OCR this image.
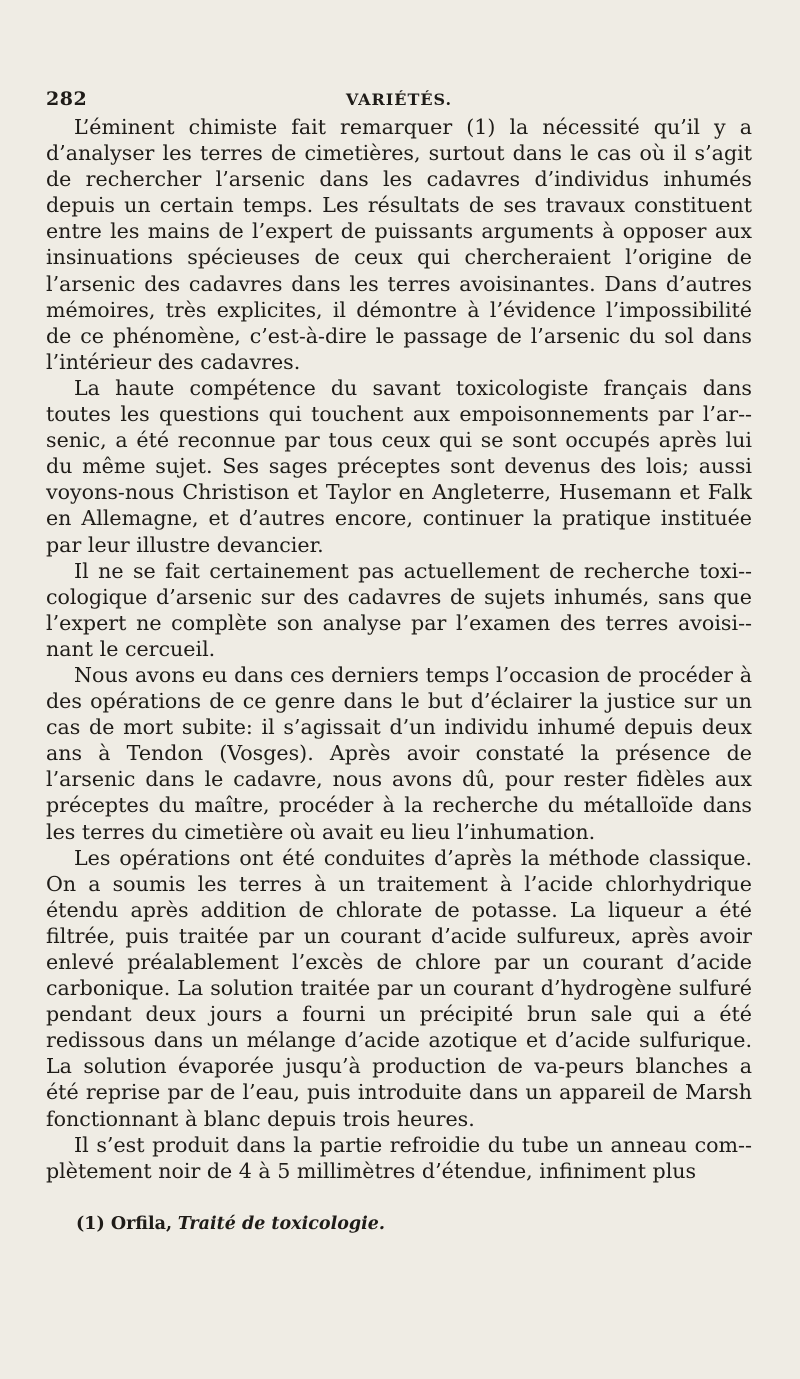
282	VARIÉTÉS.

L’éminent chimiste fait remarquer (1) la nécessité qu’il y a d’analyser les terres de cimetières, surtout dans le cas où il s’agit de rechercher l’arsenic dans les cadavres d’individus inhumés depuis un certain temps. Les résultats de ses travaux constituent entre les mains de l’expert de puissants arguments à opposer aux insinuations spécieuses de ceux qui chercheraient l’origine de l’arsenic des cadavres dans les terres avoisinantes. Dans d’autres mémoires, très explicites, il démontre à l’évidence l’impossibilité de ce phénomène, c’est-à-dire le passage de l’arsenic du sol dans l’intérieur des cadavres.

La haute compétence du savant toxicologiste français dans toutes les questions qui touchent aux empoisonnements par l’ar-senic, a été reconnue par tous ceux qui se sont occupés après lui du même sujet. Ses sages préceptes sont devenus des lois; aussi voyons-nous Christison et Taylor en Angleterre, Husemann et Falk en Allemagne, et d’autres encore, continuer la pratique instituée par leur illustre devancier.

Il ne se fait certainement pas actuellement de recherche toxi-cologique d’arsenic sur des cadavres de sujets inhumés, sans que l’expert ne complète son analyse par l’examen des terres avoisi-nant le cercueil.

Nous avons eu dans ces derniers temps l’occasion de procéder à des opérations de ce genre dans le but d’éclairer la justice sur un cas de mort subite: il s’agissait d’un individu inhumé depuis deux ans à Tendon (Vosges). Après avoir constaté la présence de l’arsenic dans le cadavre, nous avons dû, pour rester fidèles aux préceptes du maître, procéder à la recherche du métalloïde dans les terres du cimetière où avait eu lieu l’inhumation.

Les opérations ont été conduites d’après la méthode classique. On a soumis les terres à un traitement à l’acide chlorhydrique étendu après addition de chlorate de potasse. La liqueur a été filtrée, puis traitée par un courant d’acide sulfureux, après avoir enlevé préalablement l’excès de chlore par un courant d’acide carbonique. La solution traitée par un courant d’hydrogène sulfuré pendant deux jours a fourni un précipité brun sale qui a été redissous dans un mélange d’acide azotique et d’acide sulfurique. La solution évaporée jusqu’à production de va-peurs blanches a été reprise par de l’eau, puis introduite dans un appareil de Marsh fonctionnant à blanc depuis trois heures.

Il s’est produit dans la partie refroidie du tube un anneau com-plètement noir de 4 à 5 millimètres d’étendue, infiniment plus

(1) Orfila, Traité de toxicologie.
